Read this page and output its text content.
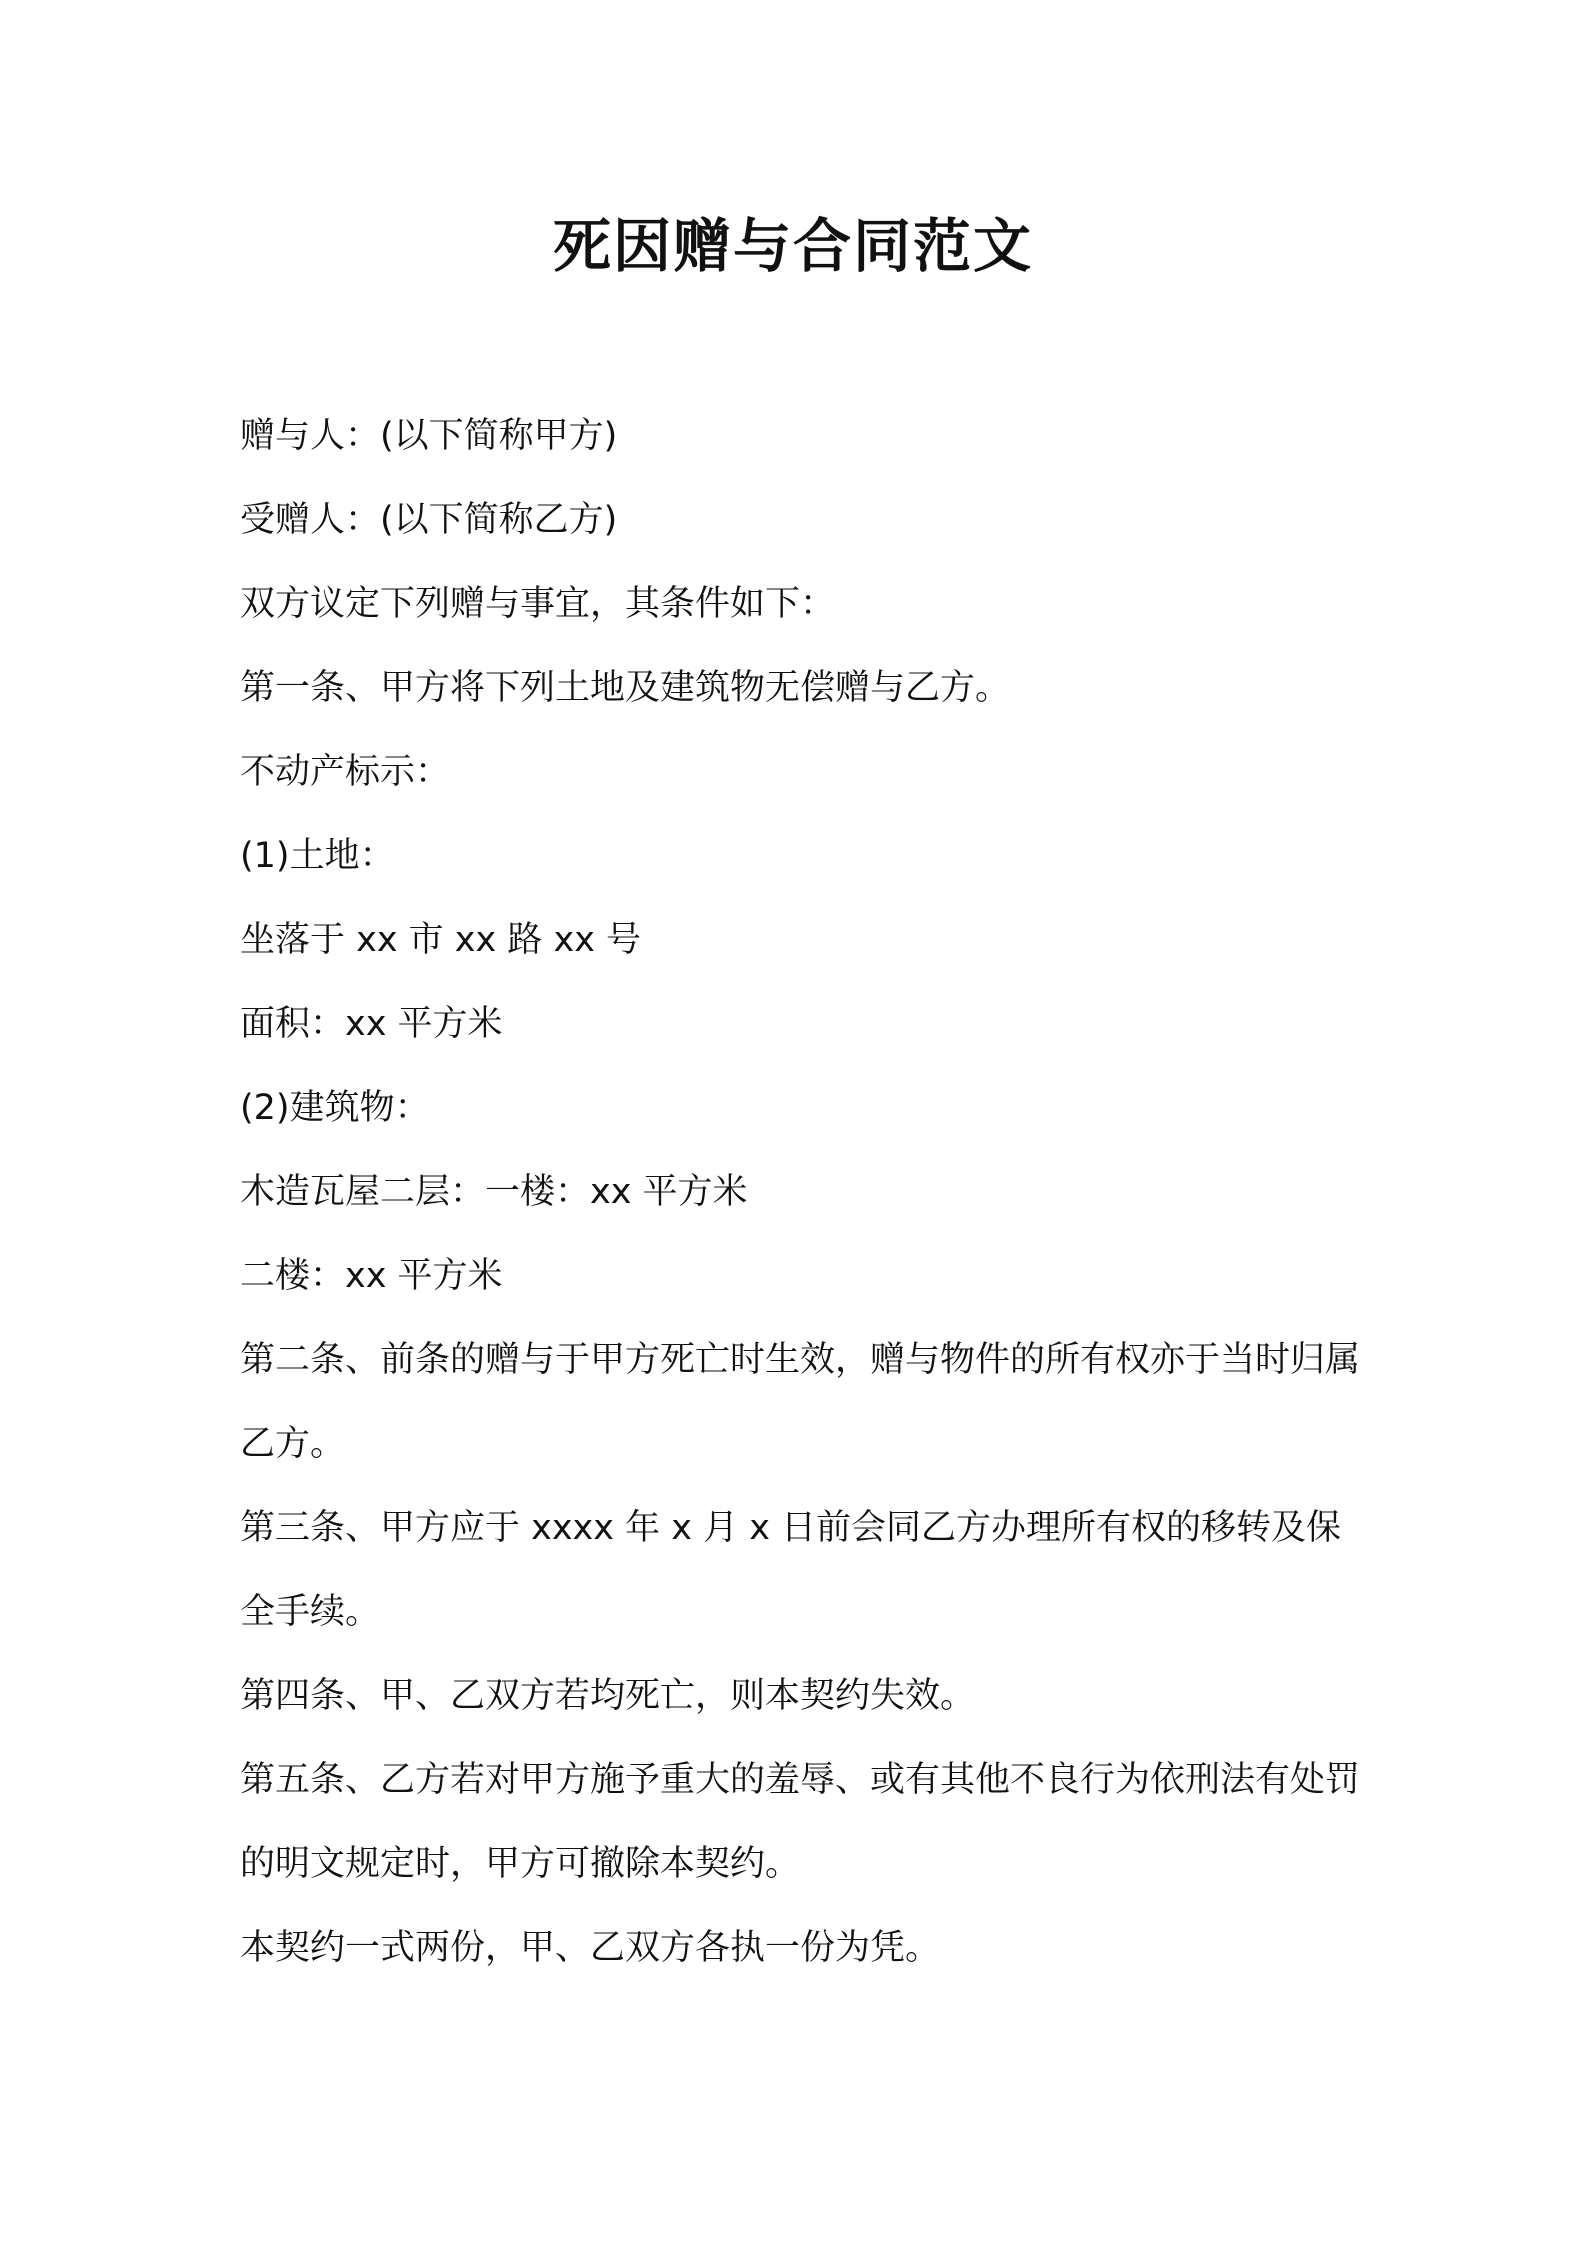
死因赠与合同范文

赠与人：(以下简称甲方)

受赠人：(以下简称乙方)

双方议定下列赠与事宜，其条件如下：

第一条、甲方将下列土地及建筑物无偿赠与乙方。

不动产标示：

(1)土地：

坐落于 xx 市 xx 路 xx 号

面积：xx 平方米

(2)建筑物：

木造瓦屋二层：一楼：xx 平方米

二楼：xx 平方米

第二条、前条的赠与于甲方死亡时生效，赠与物件的所有权亦于当时归属乙方。

第三条、甲方应于 xxxx 年 x 月 x 日前会同乙方办理所有权的移转及保全手续。

第四条、甲、乙双方若均死亡，则本契约失效。

第五条、乙方若对甲方施予重大的羞辱、或有其他不良行为依刑法有处罚的明文规定时，甲方可撤除本契约。

本契约一式两份，甲、乙双方各执一份为凭。
